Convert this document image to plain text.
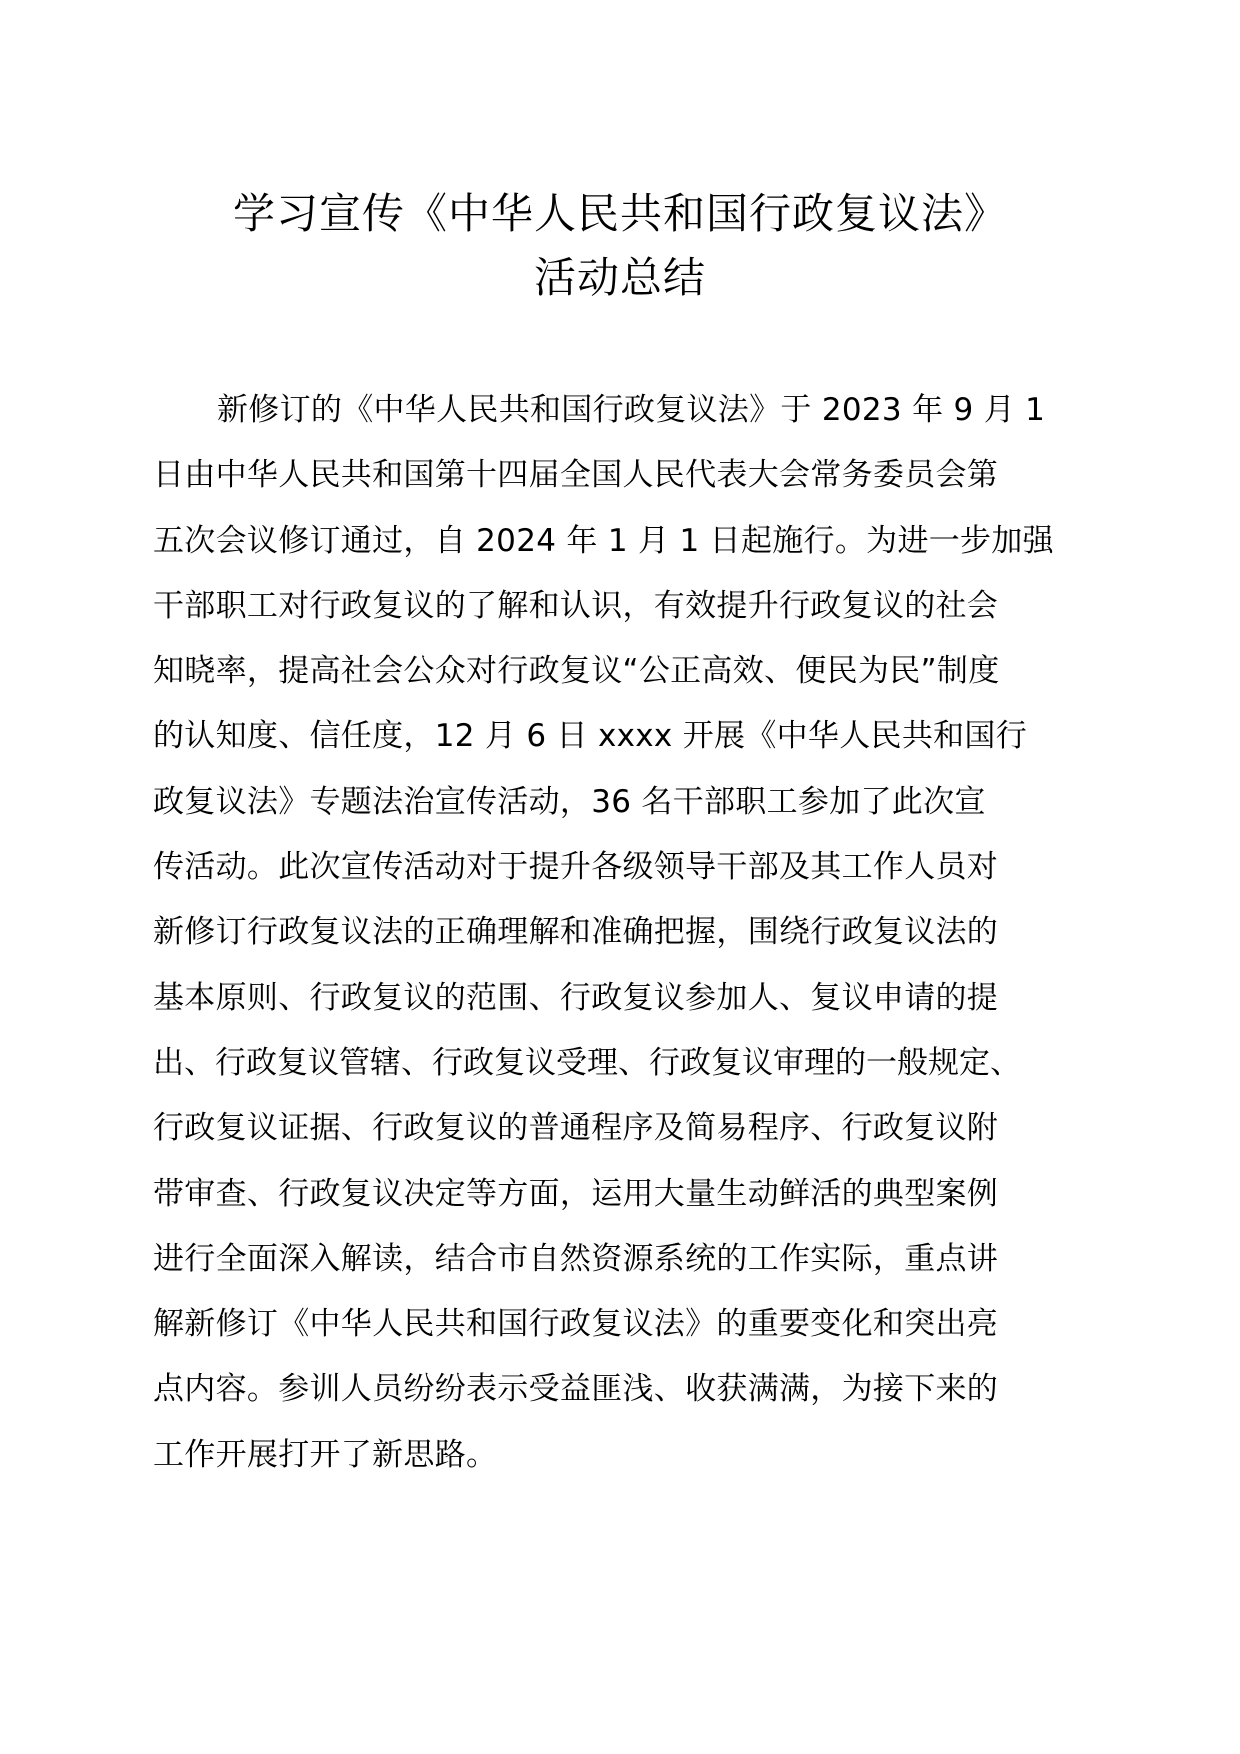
学习宣传《中华人民共和国行政复议法》
活动总结
新修订的《中华人民共和国行政复议法》于 2023 年 9 月 1
日由中华人民共和国第十四届全国人民代表大会常务委员会第
五次会议修订通过，自 2024 年 1 月 1 日起施行。为进一步加强
干部职工对行政复议的了解和认识，有效提升行政复议的社会
知晓率，提高社会公众对行政复议“公正高效、便民为民”制度
的认知度、信任度，12 月 6 日 xxxx 开展《中华人民共和国行
政复议法》专题法治宣传活动，36 名干部职工参加了此次宣
传活动。此次宣传活动对于提升各级领导干部及其工作人员对
新修订行政复议法的正确理解和准确把握，围绕行政复议法的
基本原则、行政复议的范围、行政复议参加人、复议申请的提
出、行政复议管辖、行政复议受理、行政复议审理的一般规定、
行政复议证据、行政复议的普通程序及简易程序、行政复议附
带审查、行政复议决定等方面，运用大量生动鲜活的典型案例
进行全面深入解读，结合市自然资源系统的工作实际，重点讲
解新修订《中华人民共和国行政复议法》的重要变化和突出亮
点内容。参训人员纷纷表示受益匪浅、收获满满，为接下来的
工作开展打开了新思路。
